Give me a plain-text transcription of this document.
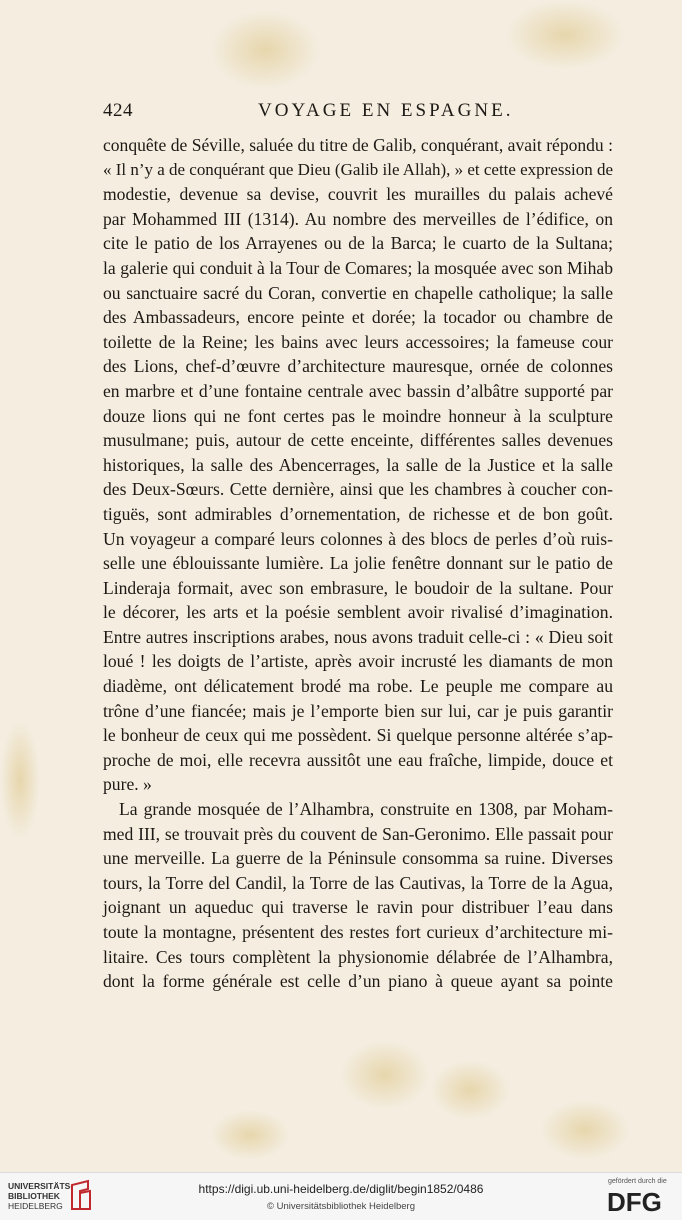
424	VOYAGE EN ESPAGNE.
conquête de Séville, saluée du titre de Galib, conquérant, avait répondu :
« Il n’y a de conquérant que Dieu (Galib ile Allah), » et cette expression de
modestie, devenue sa devise, couvrit les murailles du palais achevé
par Mohammed III (1314). Au nombre des merveilles de l’édifice, on
cite le patio de los Arrayenes ou de la Barca; le cuarto de la Sultana;
la galerie qui conduit à la Tour de Comares; la mosquée avec son Mihab
ou sanctuaire sacré du Coran, convertie en chapelle catholique; la salle
des Ambassadeurs, encore peinte et dorée; la tocador ou chambre de
toilette de la Reine; les bains avec leurs accessoires; la fameuse cour
des Lions, chef-d’œuvre d’architecture mauresque, ornée de colonnes
en marbre et d’une fontaine centrale avec bassin d’albâtre supporté par
douze lions qui ne font certes pas le moindre honneur à la sculpture
musulmane; puis, autour de cette enceinte, différentes salles devenues
historiques, la salle des Abencerrages, la salle de la Justice et la salle
des Deux-Sœurs. Cette dernière, ainsi que les chambres à coucher con-
tiguës, sont admirables d’ornementation, de richesse et de bon goût.
Un voyageur a comparé leurs colonnes à des blocs de perles d’où ruis-
selle une éblouissante lumière. La jolie fenêtre donnant sur le patio de
Linderaja formait, avec son embrasure, le boudoir de la sultane. Pour
le décorer, les arts et la poésie semblent avoir rivalisé d’imagination.
Entre autres inscriptions arabes, nous avons traduit celle-ci : « Dieu soit
loué ! les doigts de l’artiste, après avoir incrusté les diamants de mon
diadème, ont délicatement brodé ma robe. Le peuple me compare au
trône d’une fiancée; mais je l’emporte bien sur lui, car je puis garantir
le bonheur de ceux qui me possèdent. Si quelque personne altérée s’ap-
proche de moi, elle recevra aussitôt une eau fraîche, limpide, douce et
pure. »
La grande mosquée de l’Alhambra, construite en 1308, par Moham-
med III, se trouvait près du couvent de San-Geronimo. Elle passait pour
une merveille. La guerre de la Péninsule consomma sa ruine. Diverses
tours, la Torre del Candil, la Torre de las Cautivas, la Torre de la Agua,
joignant un aqueduc qui traverse le ravin pour distribuer l’eau dans
toute la montagne, présentent des restes fort curieux d’architecture mi-
litaire. Ces tours complètent la physionomie délabrée de l’Alhambra,
dont la forme générale est celle d’un piano à queue ayant sa pointe
UNIVERSITÄTS-
BIBLIOTHEK
HEIDELBERG
https://digi.ub.uni-heidelberg.de/diglit/begin1852/0486
© Universitätsbibliothek Heidelberg
gefördert durch die
DFG
